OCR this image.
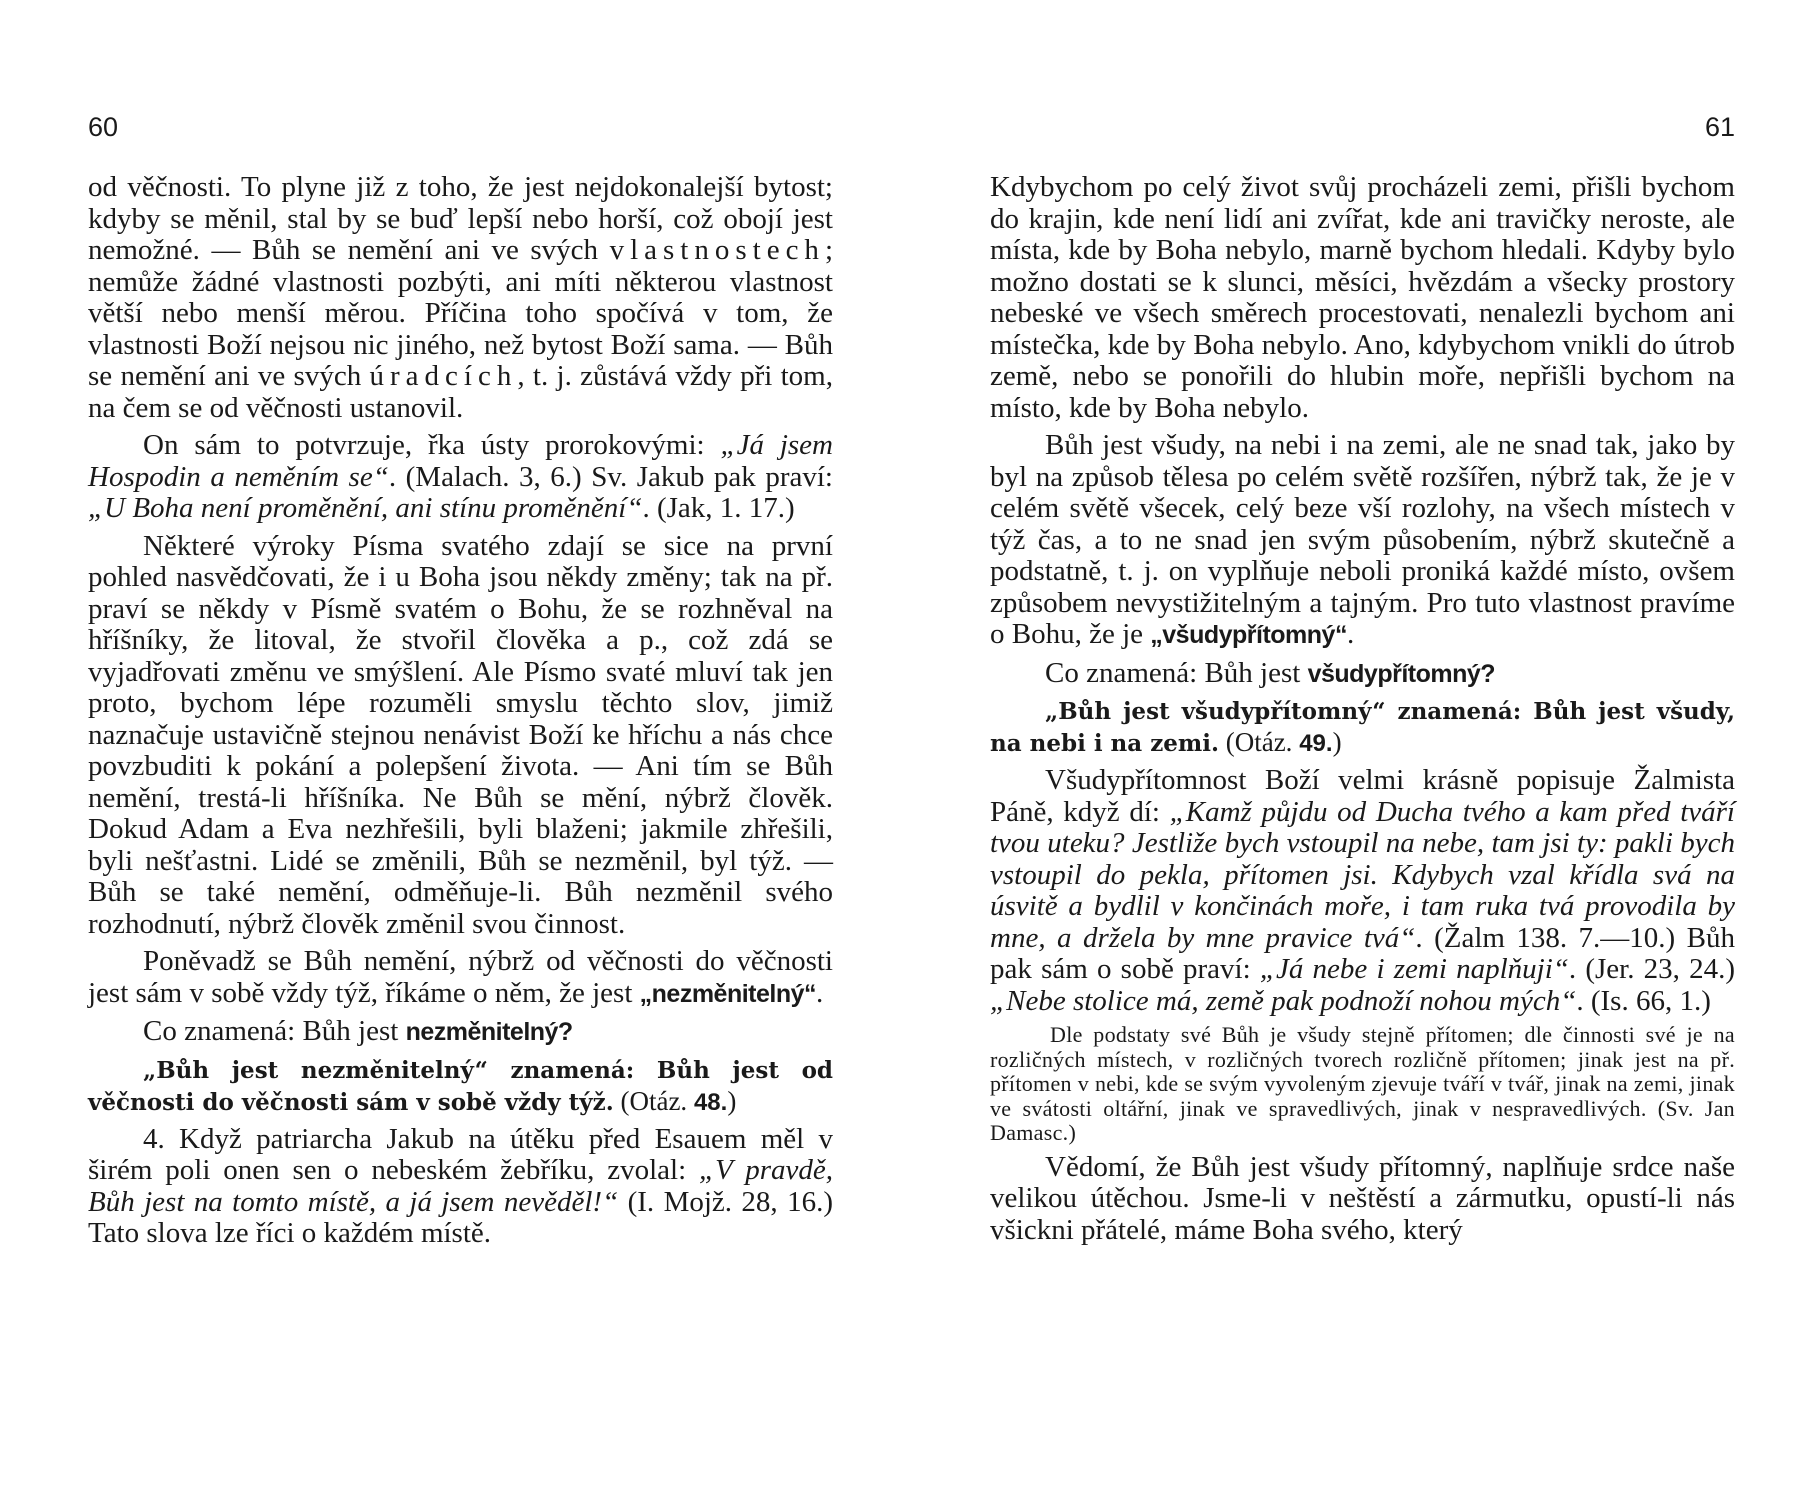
60

od věčnosti. To plyne již z toho, že jest nejdokonalejší bytost; kdyby se měnil, stal by se buď lepší nebo horší, což obojí jest nemožné. — Bůh se nemění ani ve svých vlastnostech; nemůže žádné vlastnosti pozbýti, ani míti některou vlastnost větší nebo menší měrou. Příčina toho spočívá v tom, že vlastnosti Boží nejsou nic jiného, než bytost Boží sama. — Bůh se nemění ani ve svých úradcích, t. j. zůstává vždy při tom, na čem se od věčnosti ustanovil.

On sám to potvrzuje, řka ústy prorokovými: „Já jsem Hospodin a neměním se“. (Malach. 3, 6.) Sv. Jakub pak praví: „U Boha není proměnění, ani stínu proměnění“. (Jak, 1. 17.)

Některé výroky Písma svatého zdají se sice na první pohled nasvědčovati, že i u Boha jsou někdy změny; tak na př. praví se někdy v Písmě svatém o Bohu, že se rozhněval na hříšníky, že litoval, že stvořil člověka a p., což zdá se vyjadřovati změnu ve smýšlení. Ale Písmo svaté mluví tak jen proto, bychom lépe rozuměli smyslu těchto slov, jimiž naznačuje ustavičně stejnou nenávist Boží ke hříchu a nás chce povzbuditi k pokání a polepšení života. — Ani tím se Bůh nemění, trestá-li hříšníka. Ne Bůh se mění, nýbrž člověk. Dokud Adam a Eva nezhřešili, byli blaženi; jakmile zhřešili, byli nešťastni. Lidé se změnili, Bůh se nezměnil, byl týž. — Bůh se také nemění, odměňuje-li. Bůh nezměnil svého rozhodnutí, nýbrž člověk změnil svou činnost.

Poněvadž se Bůh nemění, nýbrž od věčnosti do věčnosti jest sám v sobě vždy týž, říkáme o něm, že jest „nezměnitelný“.

Co znamená: Bůh jest nezměnitelný?

„Bůh jest nezměnitelný“ znamená: Bůh jest od věčnosti do věčnosti sám v sobě vždy týž. (Otáz. 48.)

4. Když patriarcha Jakub na útěku před Esauem měl v širém poli onen sen o nebeském žebříku, zvolal: „V pravdě, Bůh jest na tomto místě, a já jsem nevěděl!“ (I. Mojž. 28, 16.) Tato slova lze říci o každém místě.

61

Kdybychom po celý život svůj procházeli zemi, přišli bychom do krajin, kde není lidí ani zvířat, kde ani travičky neroste, ale místa, kde by Boha nebylo, marně bychom hledali. Kdyby bylo možno dostati se k slunci, měsíci, hvězdám a všecky prostory nebeské ve všech směrech procestovati, nenalezli bychom ani místečka, kde by Boha nebylo. Ano, kdybychom vnikli do útrob země, nebo se ponořili do hlubin moře, nepřišli bychom na místo, kde by Boha nebylo.

Bůh jest všudy, na nebi i na zemi, ale ne snad tak, jako by byl na způsob tělesa po celém světě rozšířen, nýbrž tak, že je v celém světě všecek, celý beze vší rozlohy, na všech místech v týž čas, a to ne snad jen svým působením, nýbrž skutečně a podstatně, t. j. on vyplňuje neboli proniká každé místo, ovšem způsobem nevystižitelným a tajným. Pro tuto vlastnost pravíme o Bohu, že je „všudypřítomný“.

Co znamená: Bůh jest všudypřítomný?

„Bůh jest všudypřítomný“ znamená: Bůh jest všudy, na nebi i na zemi. (Otáz. 49.)

Všudypřítomnost Boží velmi krásně popisuje Žalmista Páně, když dí: „Kamž půjdu od Ducha tvého a kam před tváří tvou uteku? Jestliže bych vstoupil na nebe, tam jsi ty: pakli bych vstoupil do pekla, přítomen jsi. Kdybych vzal křídla svá na úsvitě a bydlil v končinách moře, i tam ruka tvá provodila by mne, a držela by mne pravice tvá“. (Žalm 138. 7.—10.) Bůh pak sám o sobě praví: „Já nebe i zemi naplňuji“. (Jer. 23, 24.) „Nebe stolice má, země pak podnoží nohou mých“. (Is. 66, 1.)

Dle podstaty své Bůh je všudy stejně přítomen; dle činnosti své je na rozličných místech, v rozličných tvorech rozličně přítomen; jinak jest na př. přítomen v nebi, kde se svým vyvoleným zjevuje tváří v tvář, jinak na zemi, jinak ve svátosti oltářní, jinak ve spravedlivých, jinak v nespravedlivých. (Sv. Jan Damasc.)

Vědomí, že Bůh jest všudy přítomný, naplňuje srdce naše velikou útěchou. Jsme-li v neštěstí a zármutku, opustí-li nás všickni přátelé, máme Boha svého, který
